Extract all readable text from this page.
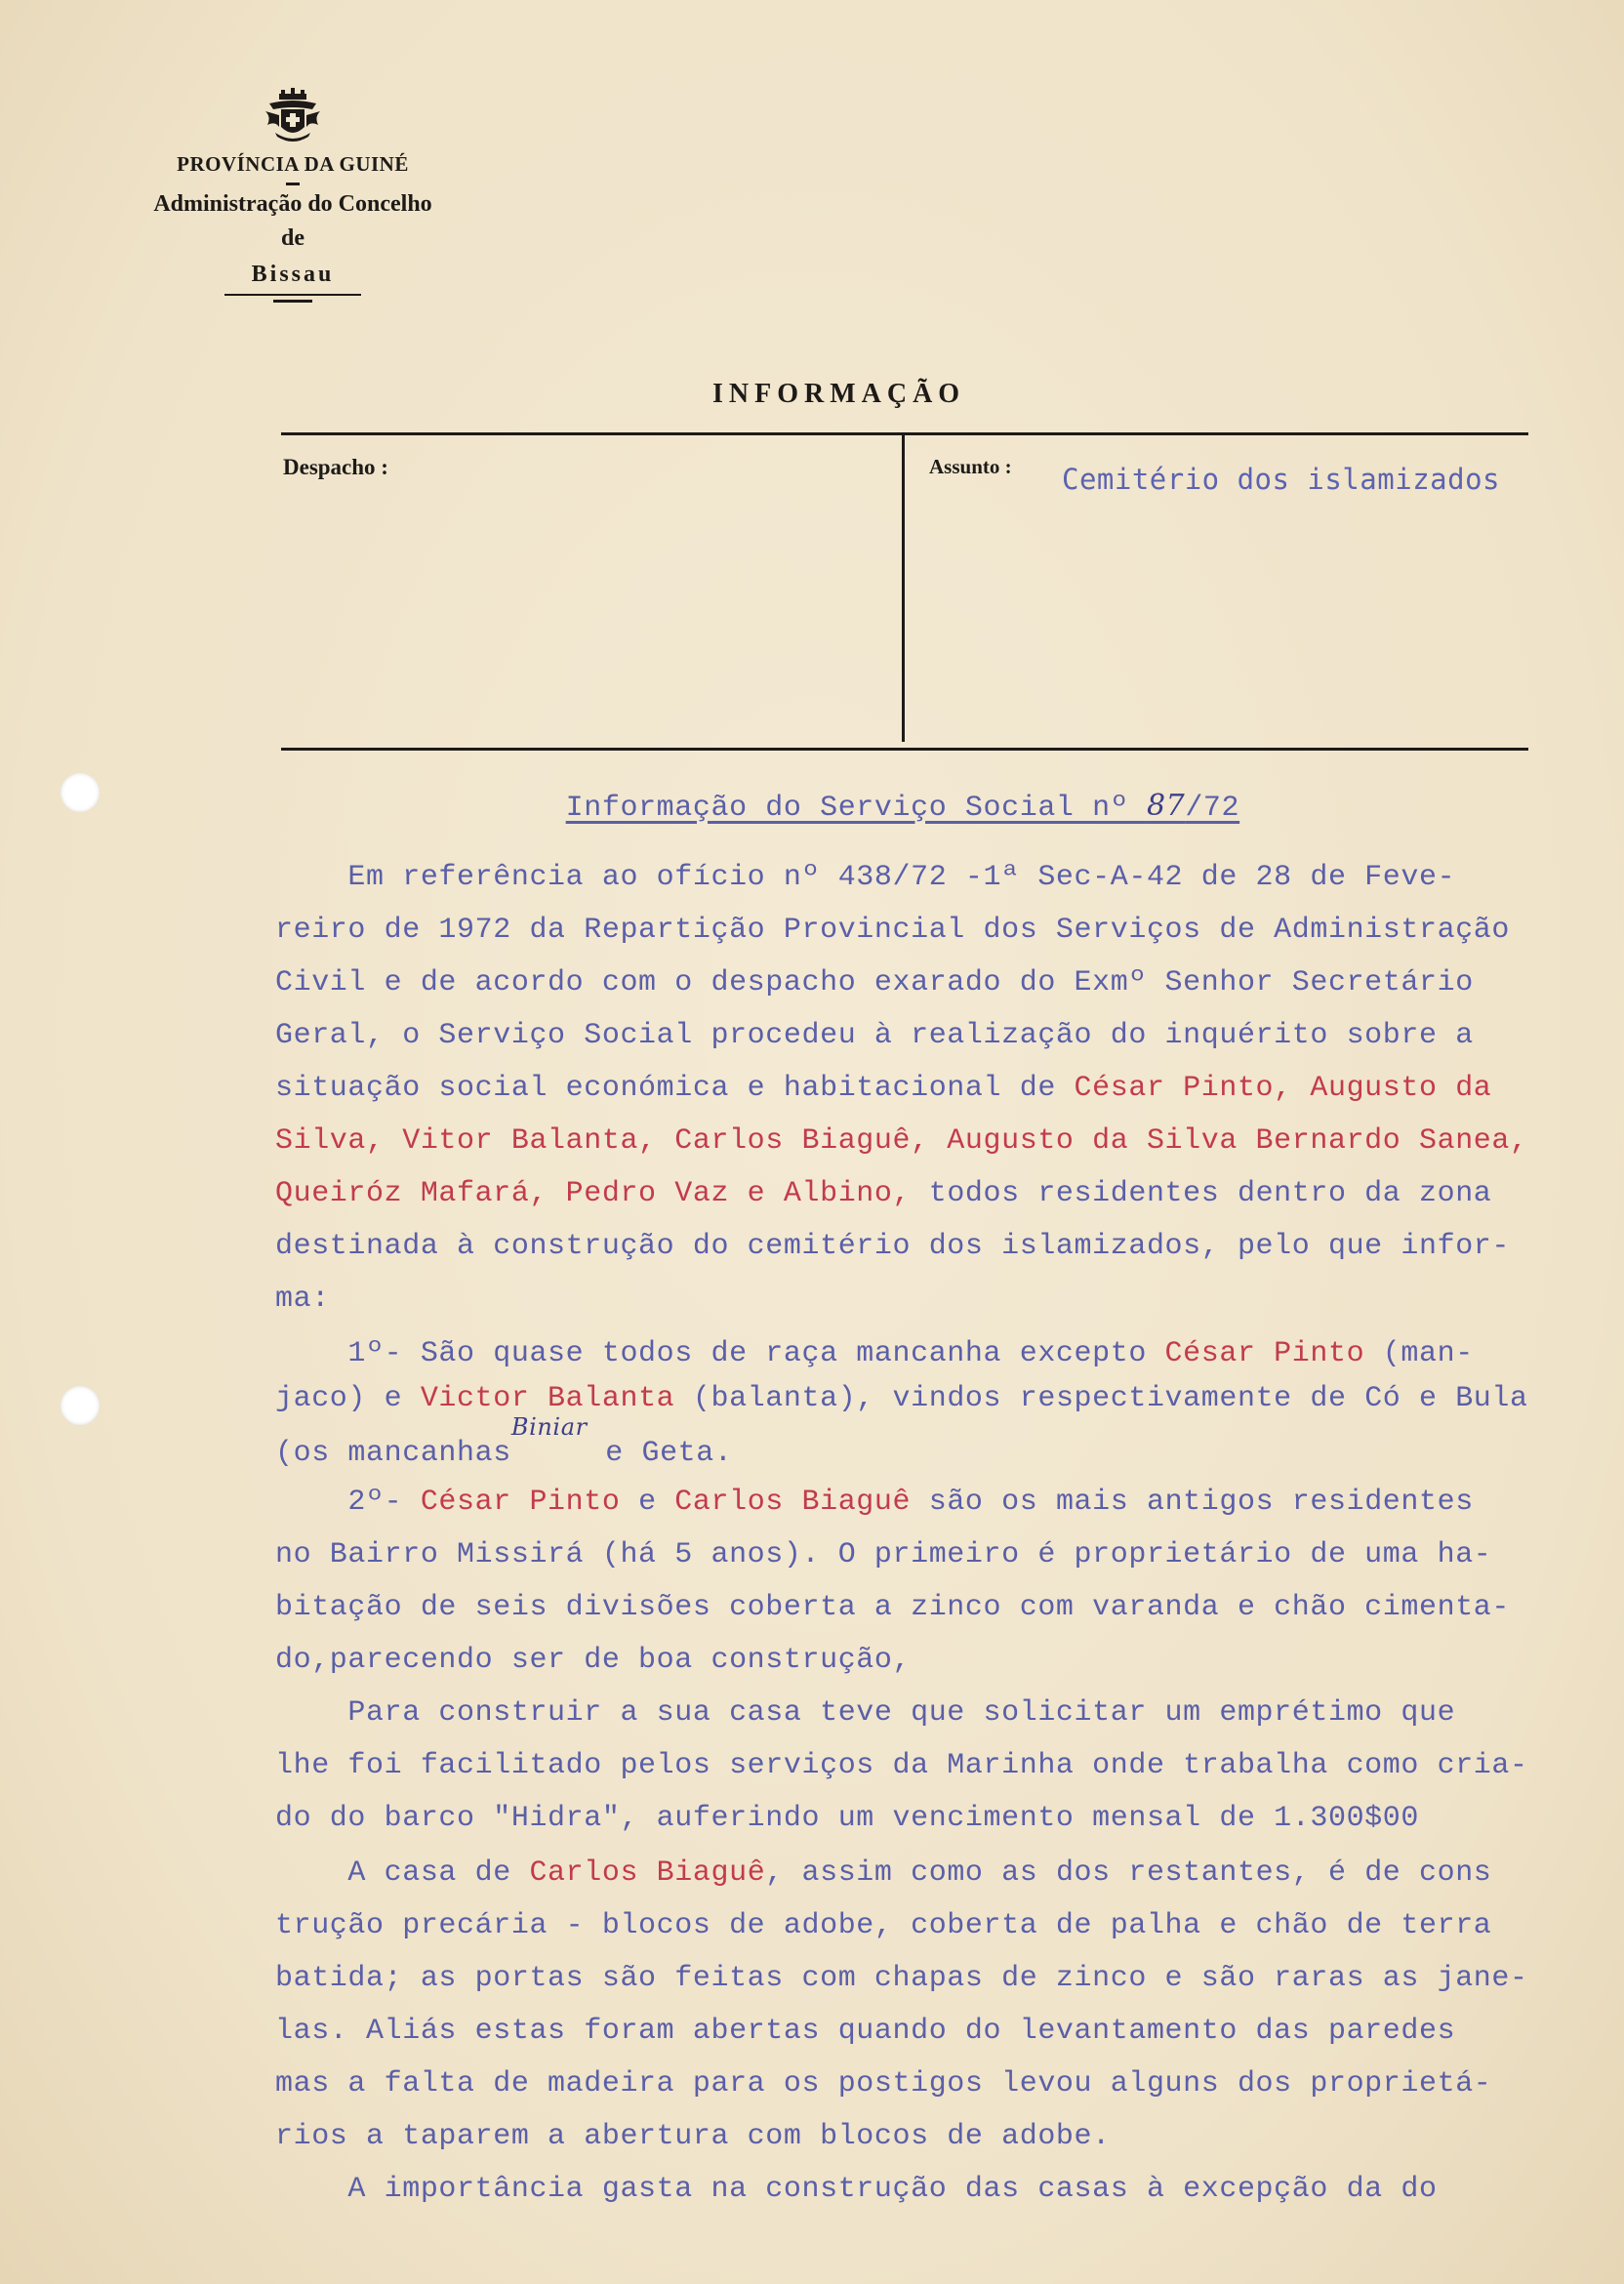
PROVÍNCIA DA GUINÉ
Administração do Concelho
de
Bissau
INFORMAÇÃO
Despacho :	Assunto : Cemitério dos islamizados
Informação do Serviço Social nº 87/72
Em referência ao ofício nº 438/72 -1ª Sec-A-42 de 28 de Feve-
reiro de 1972 da Repartição Provincial dos Serviços de Administração
Civil e de acordo com o despacho exarado do Exmº Senhor Secretário
Geral, o Serviço Social procedeu à realização do inquérito sobre a
situação social económica e habitacional de César Pinto, Augusto da
Silva, Vitor Balanta, Carlos Biaguê, Augusto da Silva Bernardo Sanea,
Queiróz Mafará, Pedro Vaz e Albino, todos residentes dentro da zona
destinada à construção do cemitério dos islamizados, pelo que infor-
ma:
1º- São quase todos de raça mancanha excepto César Pinto (man-
jaco) e Victor Balanta (balanta), vindos respectivamente de Có e Bula
(os mancanhas$^{Biniar}$ e Geta.
2º- César Pinto e Carlos Biaguê são os mais antigos residentes
no Bairro Missirá (há 5 anos). O primeiro é proprietário de uma ha-
bitação de seis divisões coberta a zinco com varanda e chão cimenta-
do,parecendo ser de boa construção,
Para construir a sua casa teve que solicitar um emprétimo que
lhe foi facilitado pelos serviços da Marinha onde trabalha como cria-
do do barco "Hidra", auferindo um vencimento mensal de 1.300$00
A casa de Carlos Biaguê, assim como as dos restantes, é de cons
trução precária - blocos de adobe, coberta de palha e chão de terra
batida; as portas são feitas com chapas de zinco e são raras as jane-
las. Aliás estas foram abertas quando do levantamento das paredes
mas a falta de madeira para os postigos levou alguns dos proprietá-
rios a taparem a abertura com blocos de adobe.
A importância gasta na construção das casas à excepção da do
